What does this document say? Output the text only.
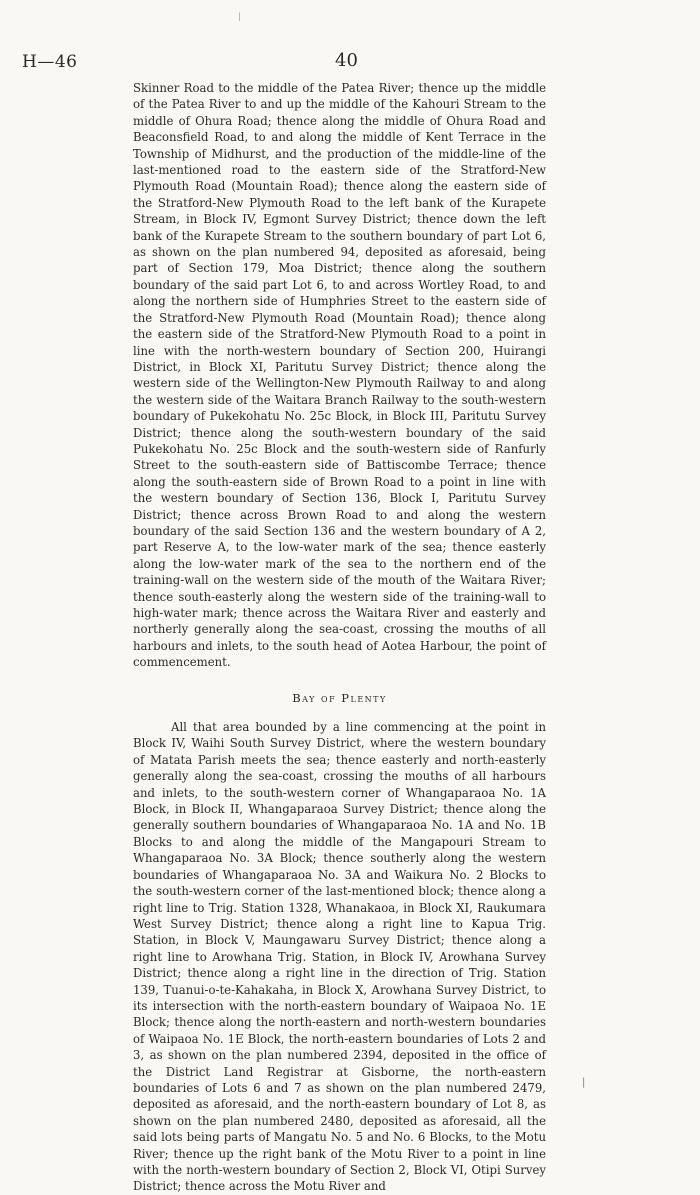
|
H—46	40

Skinner Road to the middle of the Patea River; thence up the middle of the Patea River to and up the middle of the Kahouri Stream to the middle of Ohura Road; thence along the middle of Ohura Road and Beaconsfield Road, to and along the middle of Kent Terrace in the Township of Midhurst, and the production of the middle-line of the last-mentioned road to the eastern side of the Stratford-New Plymouth Road (Mountain Road); thence along the eastern side of the Stratford-New Plymouth Road to the left bank of the Kurapete Stream, in Block IV, Egmont Survey District; thence down the left bank of the Kurapete Stream to the southern boundary of part Lot 6, as shown on the plan numbered 94, deposited as aforesaid, being part of Section 179, Moa District; thence along the southern boundary of the said part Lot 6, to and across Wortley Road, to and along the northern side of Humphries Street to the eastern side of the Stratford-New Plymouth Road (Mountain Road); thence along the eastern side of the Stratford-New Plymouth Road to a point in line with the north-western boundary of Section 200, Huirangi District, in Block XI, Paritutu Survey District; thence along the western side of the Wellington-New Plymouth Railway to and along the western side of the Waitara Branch Railway to the south-western boundary of Pukekohatu No. 25c Block, in Block III, Paritutu Survey District; thence along the south-western boundary of the said Pukekohatu No. 25c Block and the south-western side of Ranfurly Street to the south-eastern side of Battiscombe Terrace; thence along the south-eastern side of Brown Road to a point in line with the western boundary of Section 136, Block I, Paritutu Survey District; thence across Brown Road to and along the western boundary of the said Section 136 and the western boundary of A 2, part Reserve A, to the low-water mark of the sea; thence easterly along the low-water mark of the sea to the northern end of the training-wall on the western side of the mouth of the Waitara River; thence south-easterly along the western side of the training-wall to high-water mark; thence across the Waitara River and easterly and northerly generally along the sea-coast, crossing the mouths of all harbours and inlets, to the south head of Aotea Harbour, the point of commencement.

Bay of Plenty

All that area bounded by a line commencing at the point in Block IV, Waihi South Survey District, where the western boundary of Matata Parish meets the sea; thence easterly and north-easterly generally along the sea-coast, crossing the mouths of all harbours and inlets, to the south-western corner of Whangaparaoa No. 1A Block, in Block II, Whangaparaoa Survey District; thence along the generally southern boundaries of Whangaparaoa No. 1A and No. 1B Blocks to and along the middle of the Mangapouri Stream to Whangaparaoa No. 3A Block; thence southerly along the western boundaries of Whangaparaoa No. 3A and Waikura No. 2 Blocks to the south-western corner of the last-mentioned block; thence along a right line to Trig. Station 1328, Whanakaoa, in Block XI, Raukumara West Survey District; thence along a right line to Kapua Trig. Station, in Block V, Maungawaru Survey District; thence along a right line to Arowhana Trig. Station, in Block IV, Arowhana Survey District; thence along a right line in the direction of Trig. Station 139, Tuanui-o-te-Kahakaha, in Block X, Arowhana Survey District, to its intersection with the north-eastern boundary of Waipaoa No. 1E Block; thence along the north-eastern and north-western boundaries of Waipaoa No. 1E Block, the north-eastern boundaries of Lots 2 and 3, as shown on the plan numbered 2394, deposited in the office of the District Land Registrar at Gisborne, the north-eastern boundaries of Lots 6 and 7 as shown on the plan numbered 2479, deposited as aforesaid, and the north-eastern boundary of Lot 8, as shown on the plan numbered 2480, deposited as aforesaid, all the said lots being parts of Mangatu No. 5 and No. 6 Blocks, to the Motu River; thence up the right bank of the Motu River to a point in line with the north-western boundary of Section 2, Block VI, Otipi Survey District; thence across the Motu River and

|
